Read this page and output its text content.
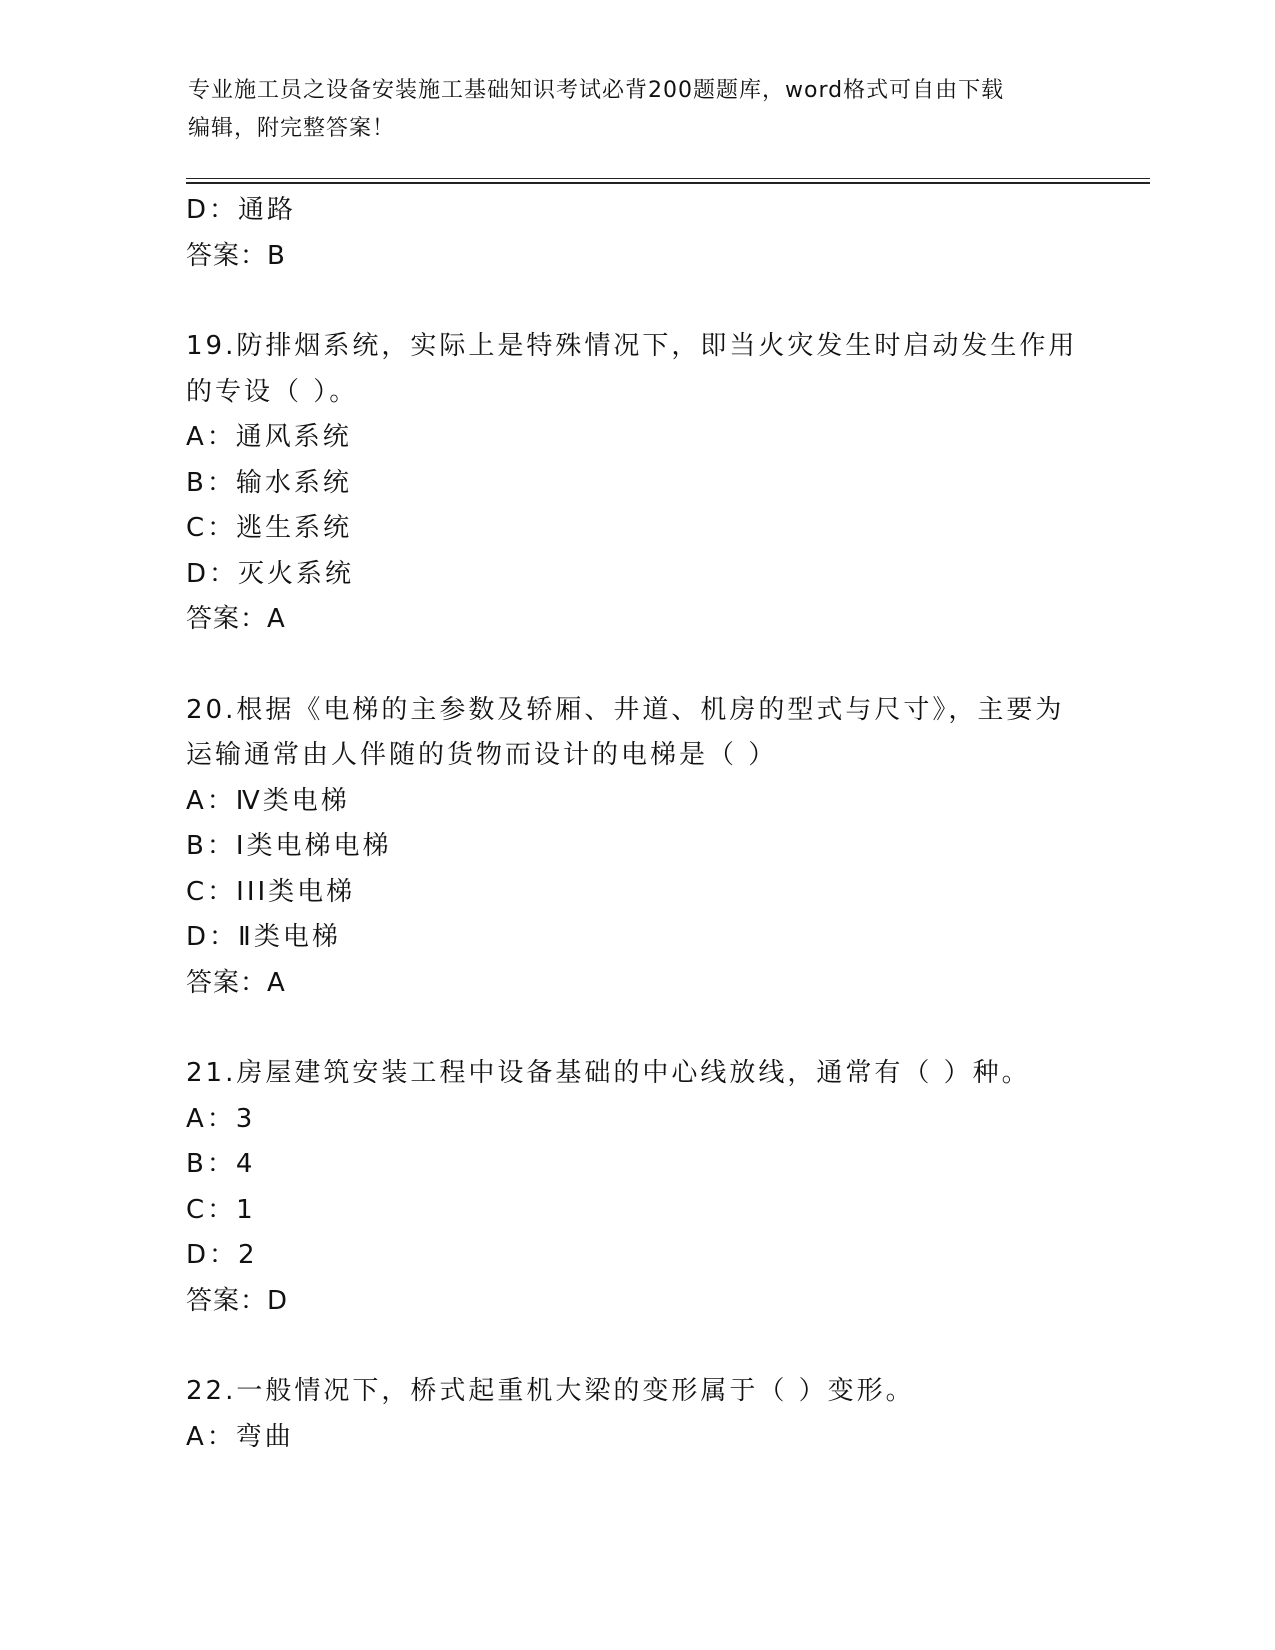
专业施工员之设备安装施工基础知识考试必背200题题库，word格式可自由下载
编辑，附完整答案！
D：通路
答案：B
19.防排烟系统，实际上是特殊情况下，即当火灾发生时启动发生作用
的专设（ ）。
A：通风系统
B：输水系统
C：逃生系统
D：灭火系统
答案：A
20.根据《电梯的主参数及轿厢、井道、机房的型式与尺寸》，主要为
运输通常由人伴随的货物而设计的电梯是（ ）
A：Ⅳ类电梯
B：Ⅰ类电梯电梯
C：III类电梯
D：Ⅱ类电梯
答案：A
21.房屋建筑安装工程中设备基础的中心线放线，通常有（ ）种。
A：3
B：4
C：1
D：2
答案：D
22.一般情况下，桥式起重机大梁的变形属于（ ）变形。
A：弯曲
